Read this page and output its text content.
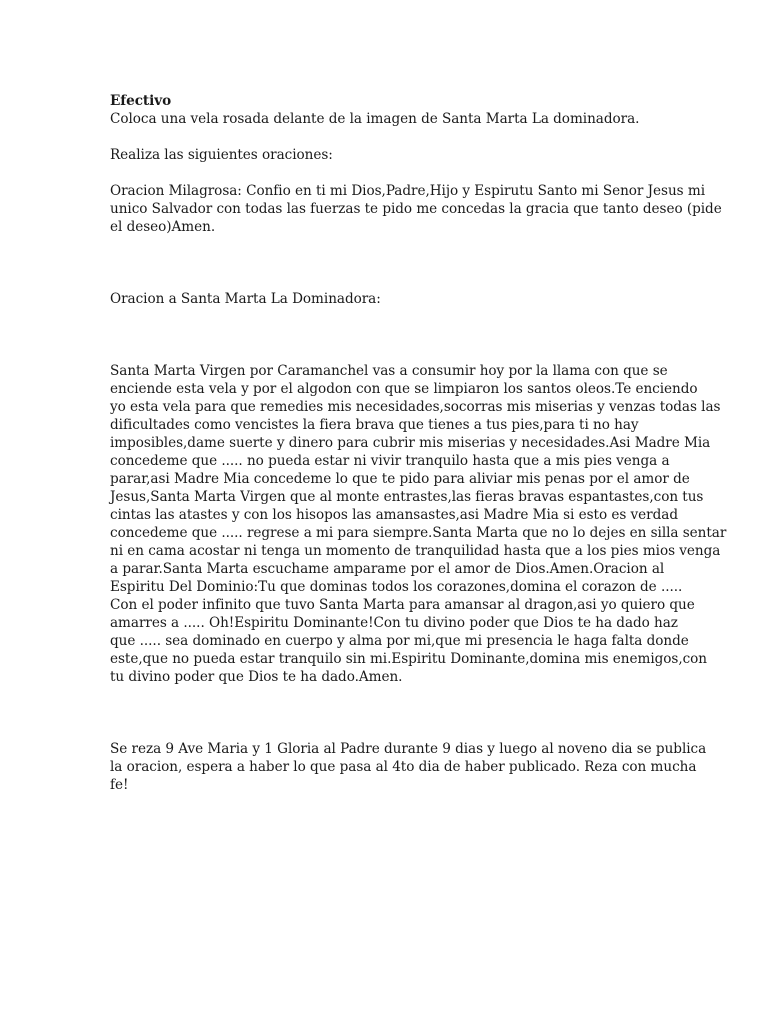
Efectivo
Coloca una vela rosada delante de la imagen de Santa Marta La dominadora.
Realiza las siguientes oraciones:
Oracion Milagrosa: Confio en ti mi Dios,Padre,Hijo y Espirutu Santo mi Senor Jesus mi
unico Salvador con todas las fuerzas te pido me concedas la gracia que tanto deseo (pide
el deseo)Amen.
Oracion a Santa Marta La Dominadora:
Santa Marta Virgen por Caramanchel vas a consumir hoy por la llama con que se
enciende esta vela y por el algodon con que se limpiaron los santos oleos.Te enciendo
yo esta vela para que remedies mis necesidades,socorras mis miserias y venzas todas las
dificultades como vencistes la fiera brava que tienes a tus pies,para ti no hay
imposibles,dame suerte y dinero para cubrir mis miserias y necesidades.Asi Madre Mia
concedeme que ..... no pueda estar ni vivir tranquilo hasta que a mis pies venga a
parar,asi Madre Mia concedeme lo que te pido para aliviar mis penas por el amor de
Jesus,Santa Marta Virgen que al monte entrastes,las fieras bravas espantastes,con tus
cintas las atastes y con los hisopos las amansastes,asi Madre Mia si esto es verdad
concedeme que ..... regrese a mi para siempre.Santa Marta que no lo dejes en silla sentar
ni en cama acostar ni tenga un momento de tranquilidad hasta que a los pies mios venga
a parar.Santa Marta escuchame amparame por el amor de Dios.Amen.Oracion al
Espiritu Del Dominio:Tu que dominas todos los corazones,domina el corazon de .....
Con el poder infinito que tuvo Santa Marta para amansar al dragon,asi yo quiero que
amarres a ..... Oh!Espiritu Dominante!Con tu divino poder que Dios te ha dado haz
que ..... sea dominado en cuerpo y alma por mi,que mi presencia le haga falta donde
este,que no pueda estar tranquilo sin mi.Espiritu Dominante,domina mis enemigos,con
tu divino poder que Dios te ha dado.Amen.
Se reza 9 Ave Maria y 1 Gloria al Padre durante 9 dias y luego al noveno dia se publica
la oracion, espera a haber lo que pasa al 4to dia de haber publicado. Reza con mucha
fe!
